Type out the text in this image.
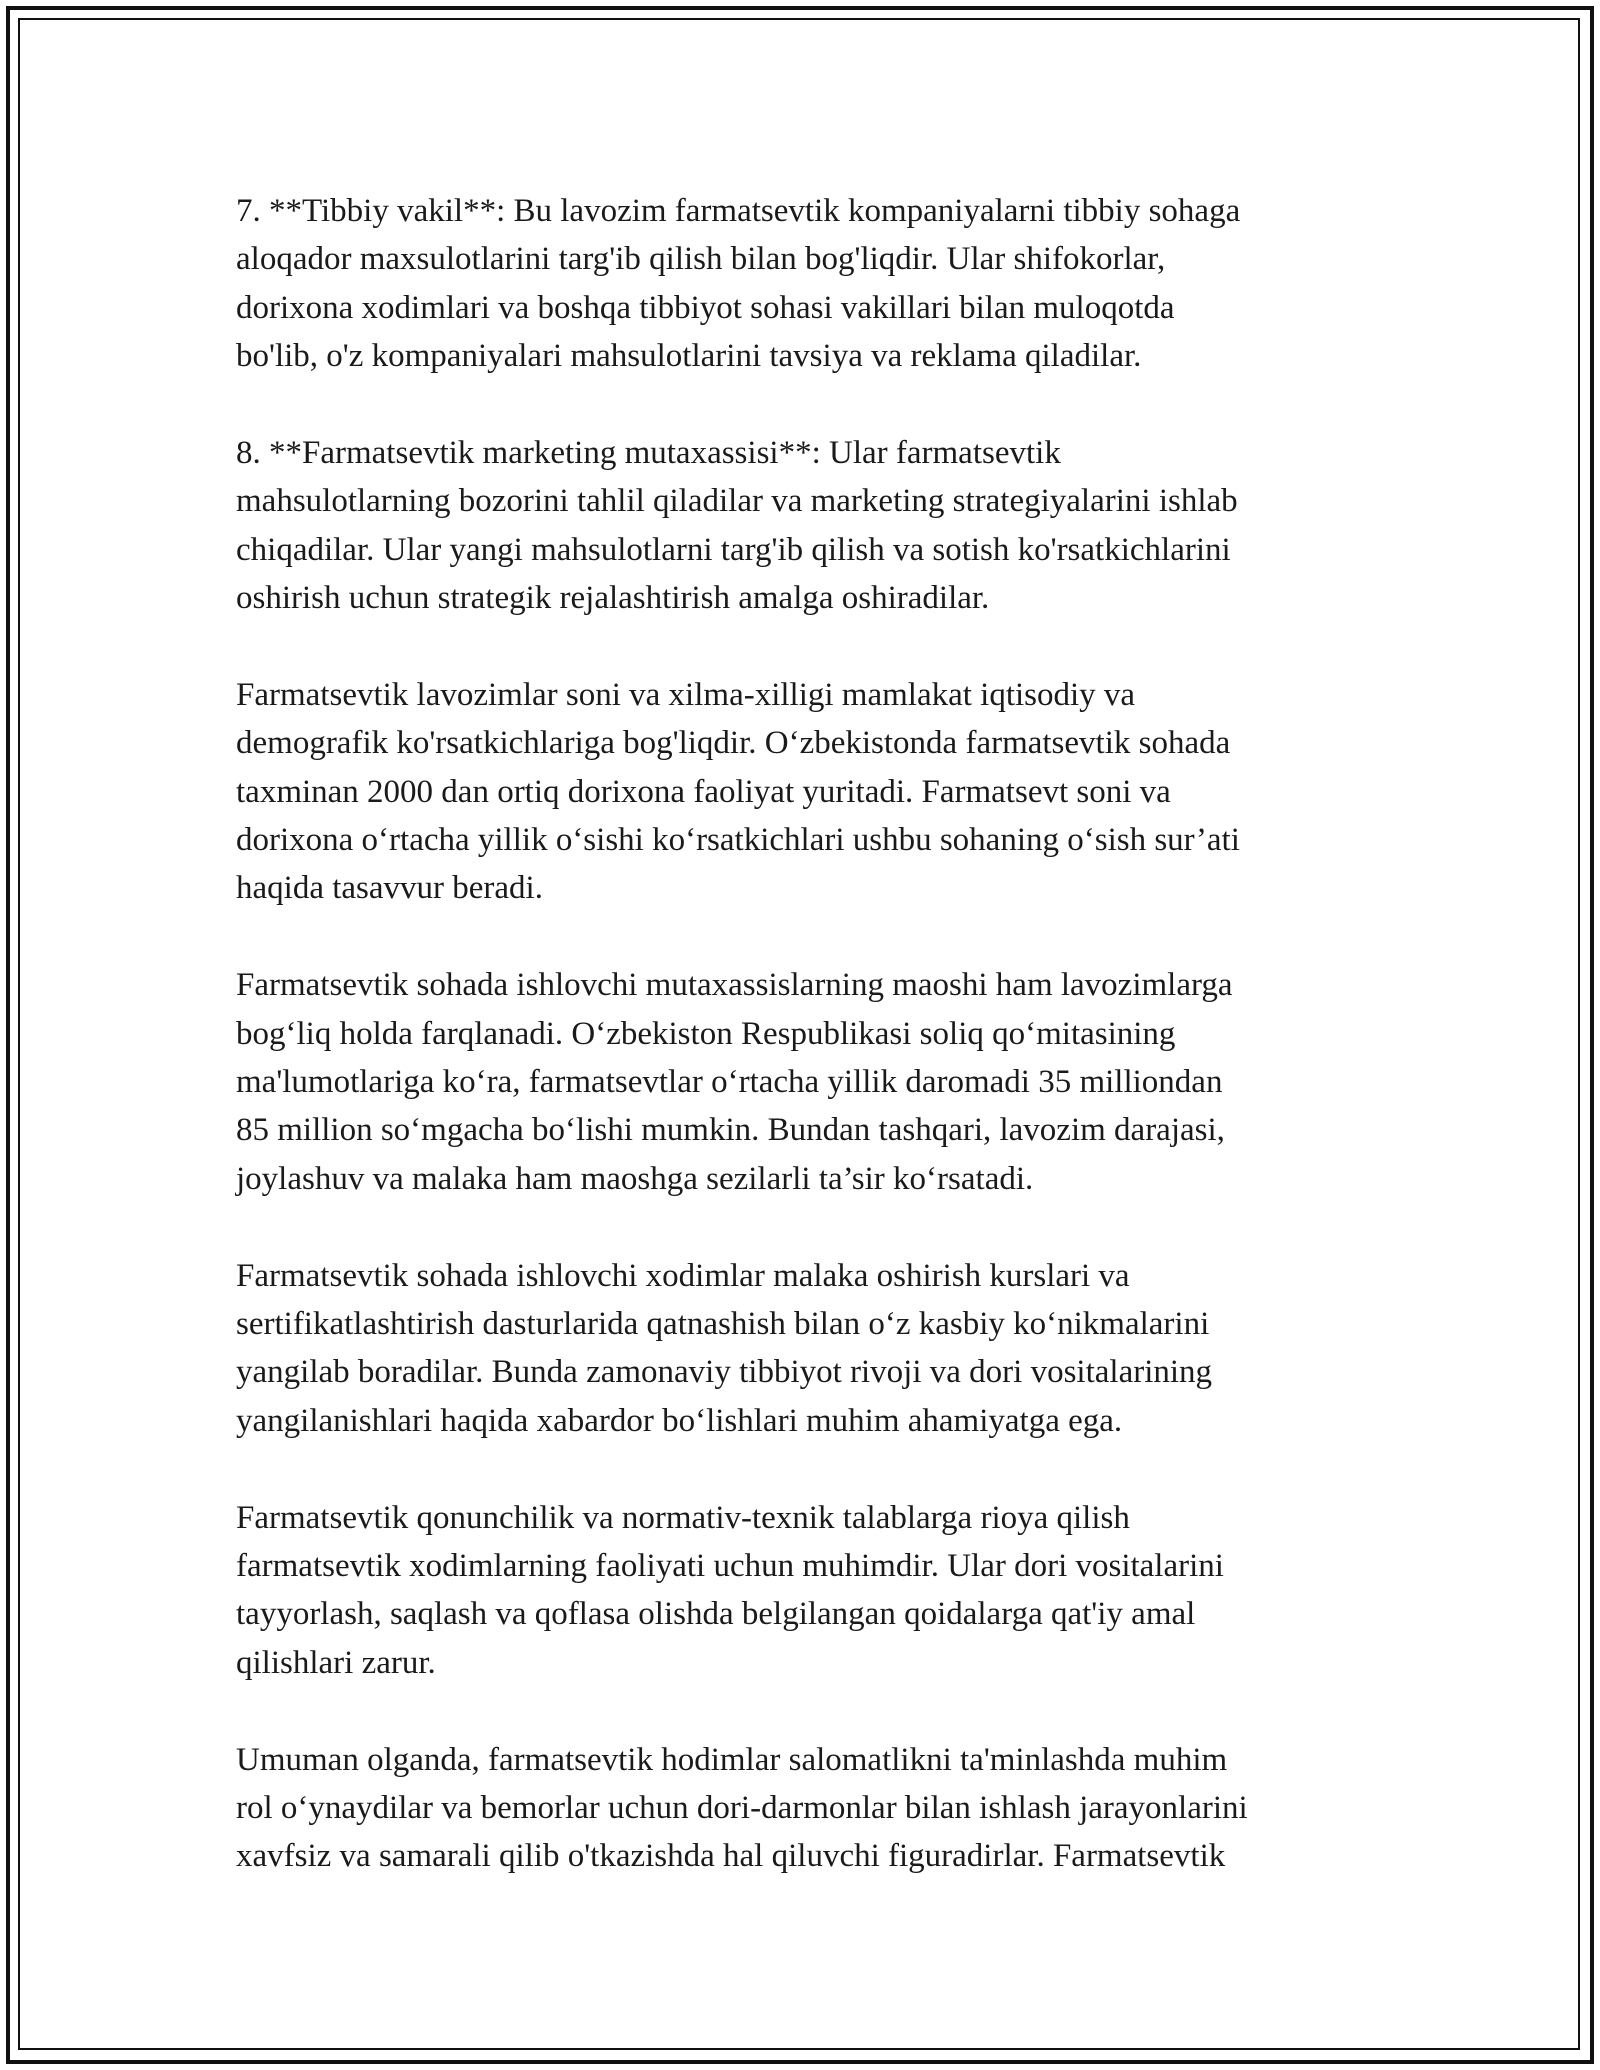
7. **Tibbiy vakil**: Bu lavozim farmatsevtik kompaniyalarni tibbiy sohaga
aloqador maxsulotlarini targ'ib qilish bilan bog'liqdir. Ular shifokorlar,
dorixona xodimlari va boshqa tibbiyot sohasi vakillari bilan muloqotda
bo'lib, o'z kompaniyalari mahsulotlarini tavsiya va reklama qiladilar.

8. **Farmatsevtik marketing mutaxassisi**: Ular farmatsevtik
mahsulotlarning bozorini tahlil qiladilar va marketing strategiyalarini ishlab
chiqadilar. Ular yangi mahsulotlarni targ'ib qilish va sotish ko'rsatkichlarini
oshirish uchun strategik rejalashtirish amalga oshiradilar.

Farmatsevtik lavozimlar soni va xilma-xilligi mamlakat iqtisodiy va
demografik ko'rsatkichlariga bog'liqdir. O‘zbekistonda farmatsevtik sohada
taxminan 2000 dan ortiq dorixona faoliyat yuritadi. Farmatsevt soni va
dorixona o‘rtacha yillik o‘sishi ko‘rsatkichlari ushbu sohaning o‘sish sur’ati
haqida tasavvur beradi.

Farmatsevtik sohada ishlovchi mutaxassislarning maoshi ham lavozimlarga
bog‘liq holda farqlanadi. O‘zbekiston Respublikasi soliq qo‘mitasining
ma'lumotlariga ko‘ra, farmatsevtlar o‘rtacha yillik daromadi 35 milliondan
85 million so‘mgacha bo‘lishi mumkin. Bundan tashqari, lavozim darajasi,
joylashuv va malaka ham maoshga sezilarli ta’sir ko‘rsatadi.

Farmatsevtik sohada ishlovchi xodimlar malaka oshirish kurslari va
sertifikatlashtirish dasturlarida qatnashish bilan o‘z kasbiy ko‘nikmalarini
yangilab boradilar. Bunda zamonaviy tibbiyot rivoji va dori vositalarining
yangilanishlari haqida xabardor bo‘lishlari muhim ahamiyatga ega.

Farmatsevtik qonunchilik va normativ-texnik talablarga rioya qilish
farmatsevtik xodimlarning faoliyati uchun muhimdir. Ular dori vositalarini
tayyorlash, saqlash va qoflasa olishda belgilangan qoidalarga qat'iy amal
qilishlari zarur.

Umuman olganda, farmatsevtik hodimlar salomatlikni ta'minlashda muhim
rol o‘ynaydilar va bemorlar uchun dori-darmonlar bilan ishlash jarayonlarini
xavfsiz va samarali qilib o'tkazishda hal qiluvchi figuradirlar. Farmatsevtik
